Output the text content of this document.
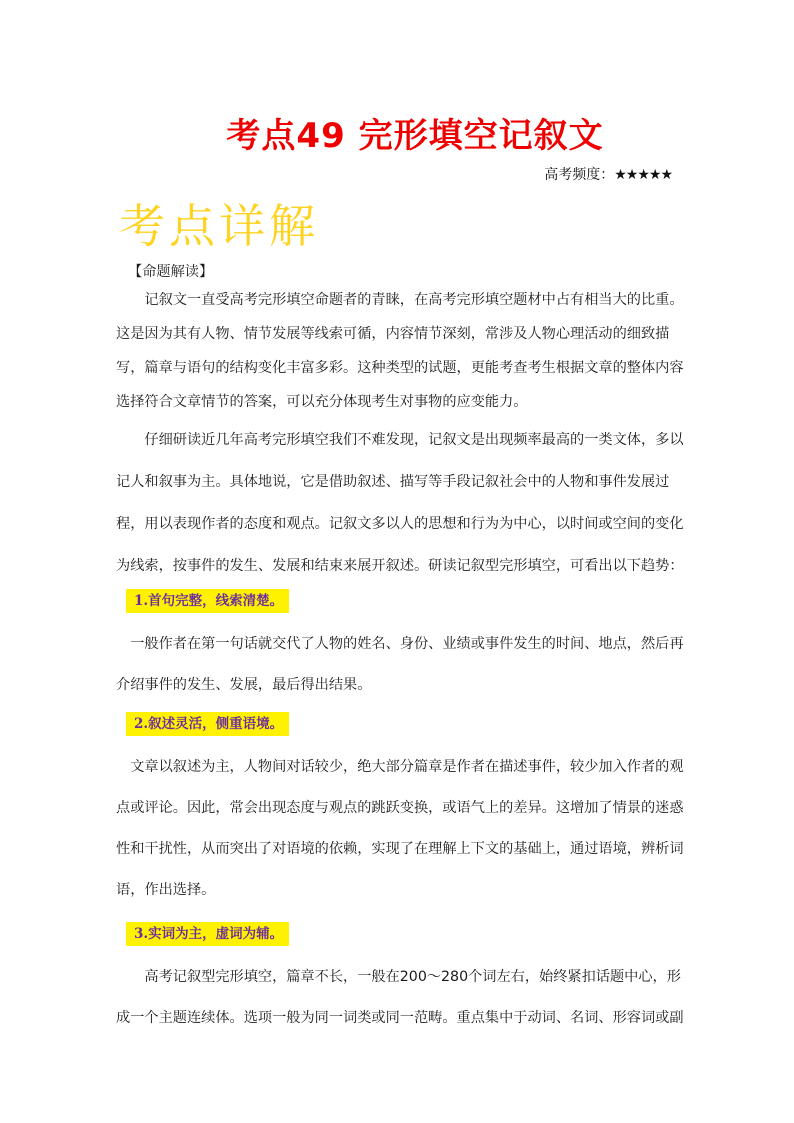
考点49 完形填空记叙文
高考频度：★★★★★
考点详解
【命题解读】

记叙文一直受高考完形填空命题者的青睐，在高考完形填空题材中占有相当大的比重。这是因为其有人物、情节发展等线索可循，内容情节深刻，常涉及人物心理活动的细致描写，篇章与语句的结构变化丰富多彩。这种类型的试题，更能考查考生根据文章的整体内容选择符合文章情节的答案，可以充分体现考生对事物的应变能力。

仔细研读近几年高考完形填空我们不难发现，记叙文是出现频率最高的一类文体，多以记人和叙事为主。具体地说，它是借助叙述、描写等手段记叙社会中的人物和事件发展过程，用以表现作者的态度和观点。记叙文多以人的思想和行为为中心，以时间或空间的变化为线索，按事件的发生、发展和结束来展开叙述。研读记叙型完形填空，可看出以下趋势：

1.首句完整，线索清楚。

一般作者在第一句话就交代了人物的姓名、身份、业绩或事件发生的时间、地点，然后再介绍事件的发生、发展，最后得出结果。

2.叙述灵活，侧重语境。

文章以叙述为主，人物间对话较少，绝大部分篇章是作者在描述事件，较少加入作者的观点或评论。因此，常会出现态度与观点的跳跃变换，或语气上的差异。这增加了情景的迷惑性和干扰性，从而突出了对语境的依赖，实现了在理解上下文的基础上，通过语境，辨析词语，作出选择。

3.实词为主，虚词为辅。

高考记叙型完形填空，篇章不长，一般在200～280个词左右，始终紧扣话题中心，形成一个主题连续体。选项一般为同一词类或同一范畴。重点集中于动词、名词、形容词或副
